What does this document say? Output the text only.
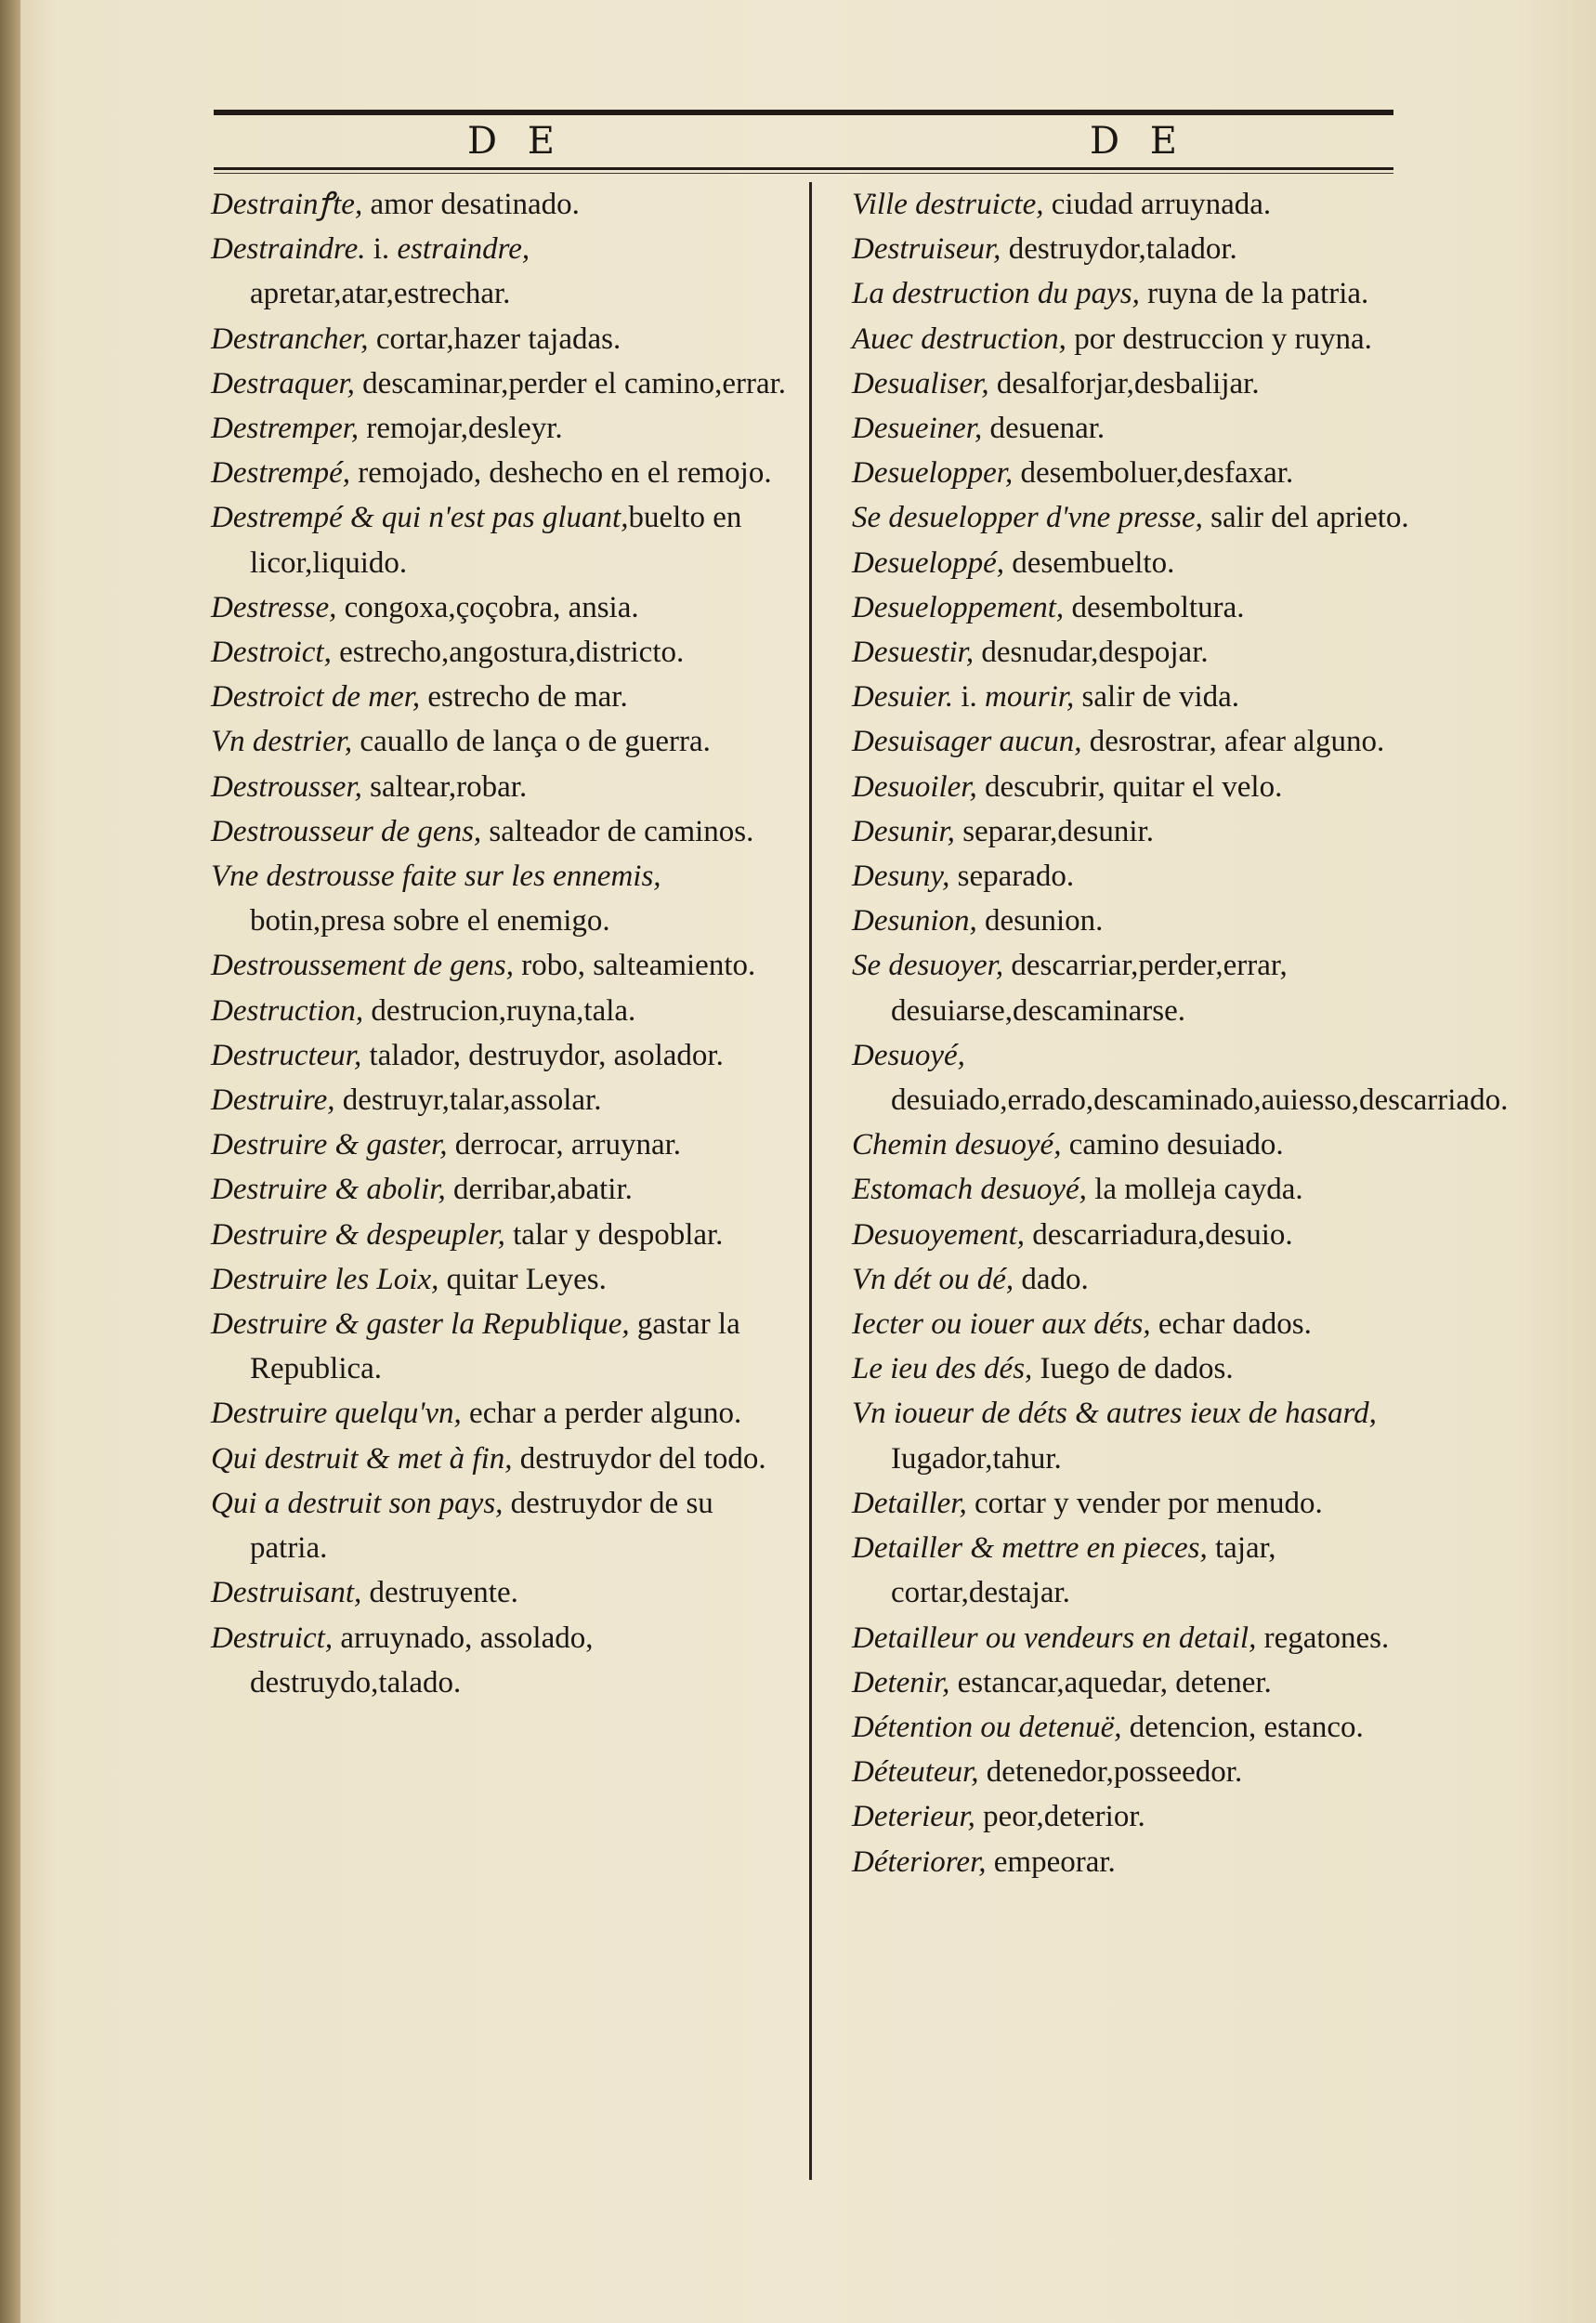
D E	D E
Destrainꝭte, amor desatinado.
Destraindre. i. estraindre, apretar,atar,estrechar.
Destrancher, cortar,hazer tajadas.
Destraquer, descaminar,perder el camino,errar.
Destremper, remojar,desleyr.
Destrempé, remojado, deshecho en el remojo.
Destrempé & qui n'est pas gluant,buelto en licor,liquido.
Destresse, congoxa,çoçobra, ansia.
Destroict, estrecho,angostura,districto.
Destroict de mer, estrecho de mar.
Vn destrier, cauallo de lança o de guerra.
Destrousser, saltear,robar.
Destrousseur de gens, salteador de caminos.
Vne destrousse faite sur les ennemis, botin,presa sobre el enemigo.
Destroussement de gens, robo, salteamiento.
Destruction, destrucion,ruyna,tala.
Destructeur, talador, destruydor, asolador.
Destruire, destruyr,talar,assolar.
Destruire & gaster, derrocar, arruynar.
Destruire & abolir, derribar,abatir.
Destruire & despeupler, talar y despoblar.
Destruire les Loix, quitar Leyes.
Destruire & gaster la Republique, gastar la Republica.
Destruire quelqu'vn, echar a perder alguno.
Qui destruit & met à fin, destruydor del todo.
Qui a destruit son pays, destruydor de su patria.
Destruisant, destruyente.
Destruict, arruynado, assolado, destruydo,talado.
Ville destruicte, ciudad arruynada.
Destruiseur, destruydor,talador.
La destruction du pays, ruyna de la patria.
Auec destruction, por destruccion y ruyna.
Desualiser, desalforjar,desbalijar.
Desueiner, desuenar.
Desuelopper, desemboluer,desfaxar.
Se desuelopper d'vne presse, salir del aprieto.
Desueloppé, desembuelto.
Desueloppement, desemboltura.
Desuestir, desnudar,despojar.
Desuier. i. mourir, salir de vida.
Desuisager aucun, desrostrar, afear alguno.
Desuoiler, descubrir, quitar el velo.
Desunir, separar,desunir.
Desuny, separado.
Desunion, desunion.
Se desuoyer, descarriar,perder,errar, desuiarse,descaminarse.
Desuoyé, desuiado,errado,descaminado,auiesso,descarriado.
Chemin desuoyé, camino desuiado.
Estomach desuoyé, la molleja cayda.
Desuoyement, descarriadura,desuio.
Vn dét ou dé, dado.
Iecter ou iouer aux déts, echar dados.
Le ieu des dés, Iuego de dados.
Vn ioueur de déts & autres ieux de hasard, Iugador,tahur.
Detailler, cortar y vender por menudo.
Detailler & mettre en pieces, tajar, cortar,destajar.
Detailleur ou vendeurs en detail, regatones.
Detenir, estancar,aquedar, detener.
Détention ou detenuë, detencion, estanco.
Déteuteur, detenedor,posseedor.
Deterieur, peor,deterior.
Déteriorer, empeorar.
